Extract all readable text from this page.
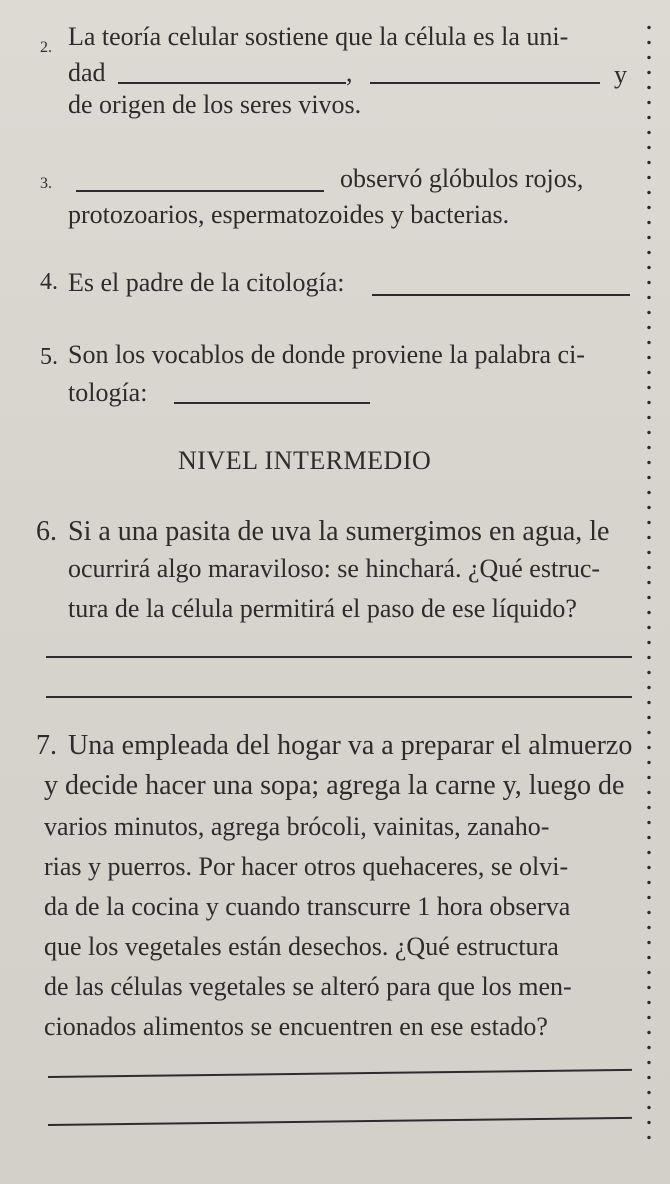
2. La teoría celular sostiene que la célula es la uni-
dad	,	y
de origen de los seres vivos.
3.	observó glóbulos rojos,
protozoarios, espermatozoides y bacterias.
4. Es el padre de la citología:
5. Son los vocablos de donde proviene la palabra ci-
tología:
NIVEL INTERMEDIO
6. Si a una pasita de uva la sumergimos en agua, le
ocurrirá algo maraviloso: se hinchará. ¿Qué estruc-
tura de la célula permitirá el paso de ese líquido?
7. Una empleada del hogar va a preparar el almuerzo
y decide hacer una sopa; agrega la carne y, luego de
varios minutos, agrega brócoli, vainitas, zanaho-
rias y puerros. Por hacer otros quehaceres, se olvi-
da de la cocina y cuando transcurre 1 hora observa
que los vegetales están desechos. ¿Qué estructura
de las células vegetales se alteró para que los men-
cionados alimentos se encuentren en ese estado?
